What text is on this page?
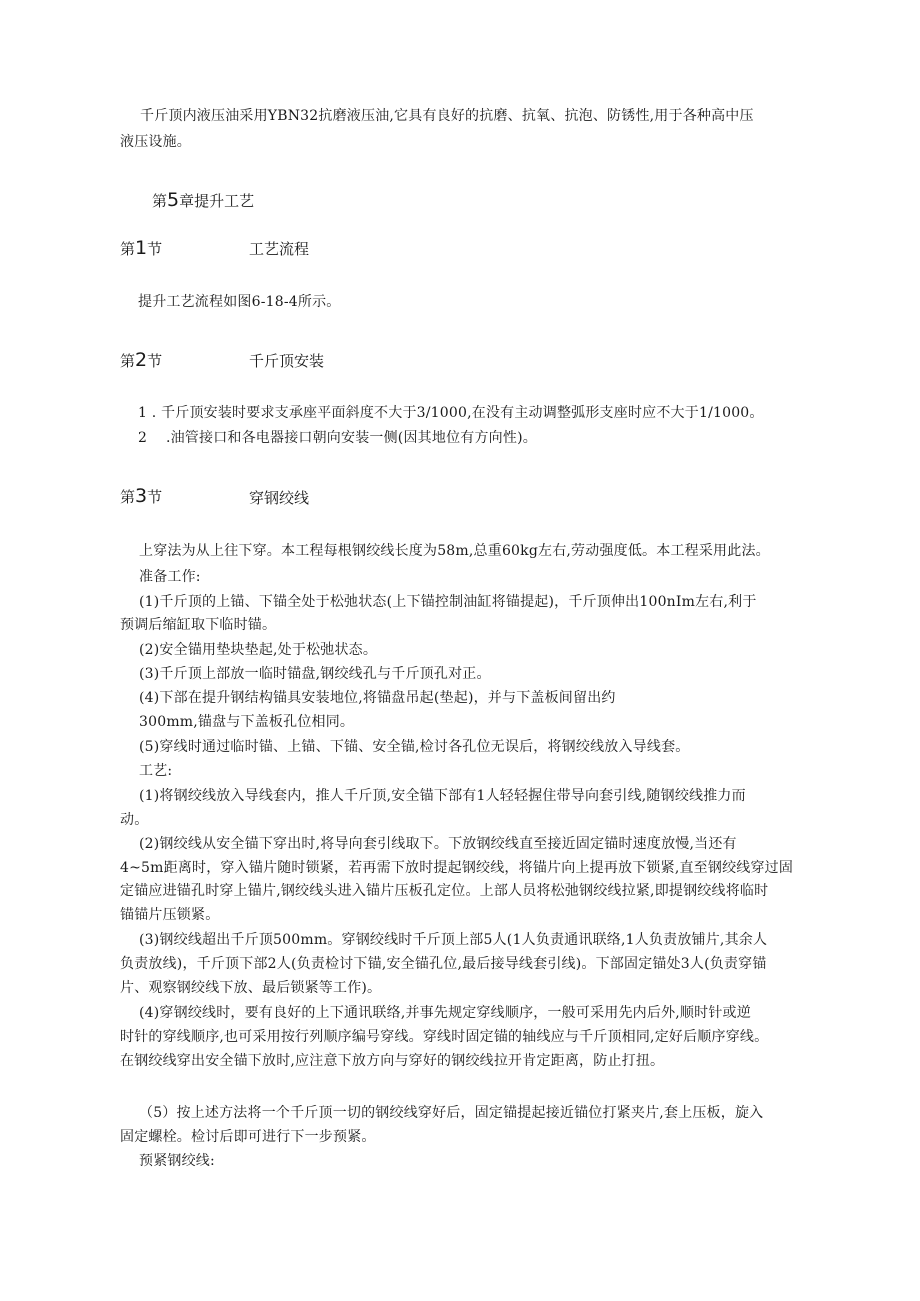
千斤顶内液压油采用YBN32抗磨液压油,它具有良好的抗磨、抗氧、抗泡、防锈性,用于各种高中压
液压设施。
第5章提升工艺
第1节	工艺流程
提升工艺流程如图6-18-4所示。
第2节	千斤顶安装
1 . 千斤顶安装时要求支承座平面斜度不大于3/1000,在没有主动调整弧形支座时应不大于1/1000。
2 　.油管接口和各电器接口朝向安装一侧(因其地位有方向性)。
第3节	穿钢绞线
上穿法为从上往下穿。本工程每根钢绞线长度为58m,总重60kg左右,劳动强度低。本工程采用此法。
准备工作:
(1)千斤顶的上锚、下锚全处于松弛状态(上下锚控制油缸将锚提起)，千斤顶伸出100nIm左右,利于
预调后缩缸取下临时锚。
(2)安全锚用垫块垫起,处于松弛状态。
(3)千斤顶上部放一临时锚盘,钢绞线孔与千斤顶孔对正。
(4)下部在提升钢结构锚具安装地位,将锚盘吊起(垫起)，并与下盖板间留出约
300mm,锚盘与下盖板孔位相同。
(5)穿线时通过临时锚、上锚、下锚、安全锚,检讨各孔位无误后，将钢绞线放入导线套。
工艺:
(1)将钢绞线放入导线套内，推人千斤顶,安全锚下部有1人轻轻握住带导向套引线,随钢绞线推力而
动。
(2)钢绞线从安全锚下穿出时,将导向套引线取下。下放钢绞线直至接近固定锚时速度放慢,当还有
4~5m距离时，穿入锚片随时锁紧，若再需下放时提起钢绞线，将锚片向上提再放下锁紧,直至钢绞线穿过固
定锚应进锚孔时穿上锚片,钢绞线头进入锚片压板孔定位。上部人员将松弛钢绞线拉紧,即提钢绞线将临时
锚锚片压锁紧。
(3)钢绞线超出千斤顶500mm。穿钢绞线时千斤顶上部5人(1人负责通讯联络,1人负责放铺片,其余人
负责放线)，千斤顶下部2人(负责检讨下锚,安全锚孔位,最后接导线套引线)。下部固定锚处3人(负责穿锚
片、观察钢绞线下放、最后锁紧等工作)。
(4)穿钢绞线时，要有良好的上下通讯联络,并事先规定穿线顺序，一般可采用先内后外,顺时针或逆
时针的穿线顺序,也可采用按行列顺序编号穿线。穿线时固定锚的轴线应与千斤顶相同,定好后顺序穿线。
在钢绞线穿出安全锚下放时,应注意下放方向与穿好的钢绞线拉开肯定距离，防止打扭。
（5）按上述方法将一个千斤顶一切的钢绞线穿好后，固定锚提起接近锚位打紧夹片,套上压板，旋入
固定螺栓。检讨后即可进行下一步预紧。
预紧钢绞线:
